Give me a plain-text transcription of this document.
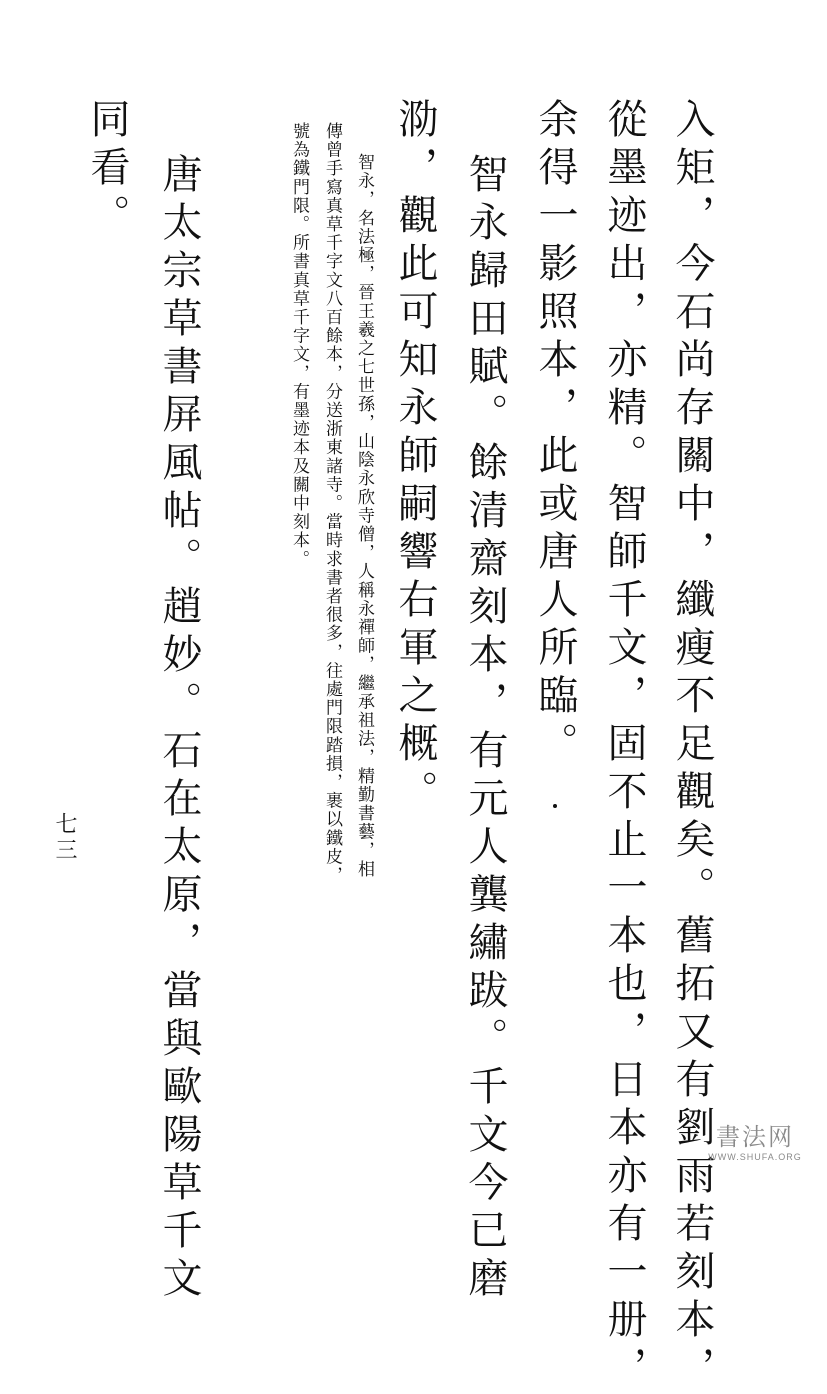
入矩，今石尚存關中，纖瘦不足觀矣。舊拓又有劉雨若刻本，
從墨迹出，亦精。智師千文，固不止一本也，日本亦有一册，
余得一影照本，此或唐人所臨。
智永歸田賦。餘清齋刻本，有元人龔繡跋。千文今已磨
泐，觀此可知永師嗣響右軍之概。
智永，名法極，晉王羲之七世孫，山陰永欣寺僧，人稱永禪師，繼承祖法，精勤書藝，相
傳曾手寫真草千字文八百餘本，分送浙東諸寺。當時求書者很多，往處門限踏損，裹以鐵皮，
號為鐵門限。所書真草千字文，有墨迹本及關中刻本。
唐太宗草書屏風帖。趙妙。石在太原，當與歐陽草千文
同看。
七三
書法网
WWW.SHUFA.ORG
